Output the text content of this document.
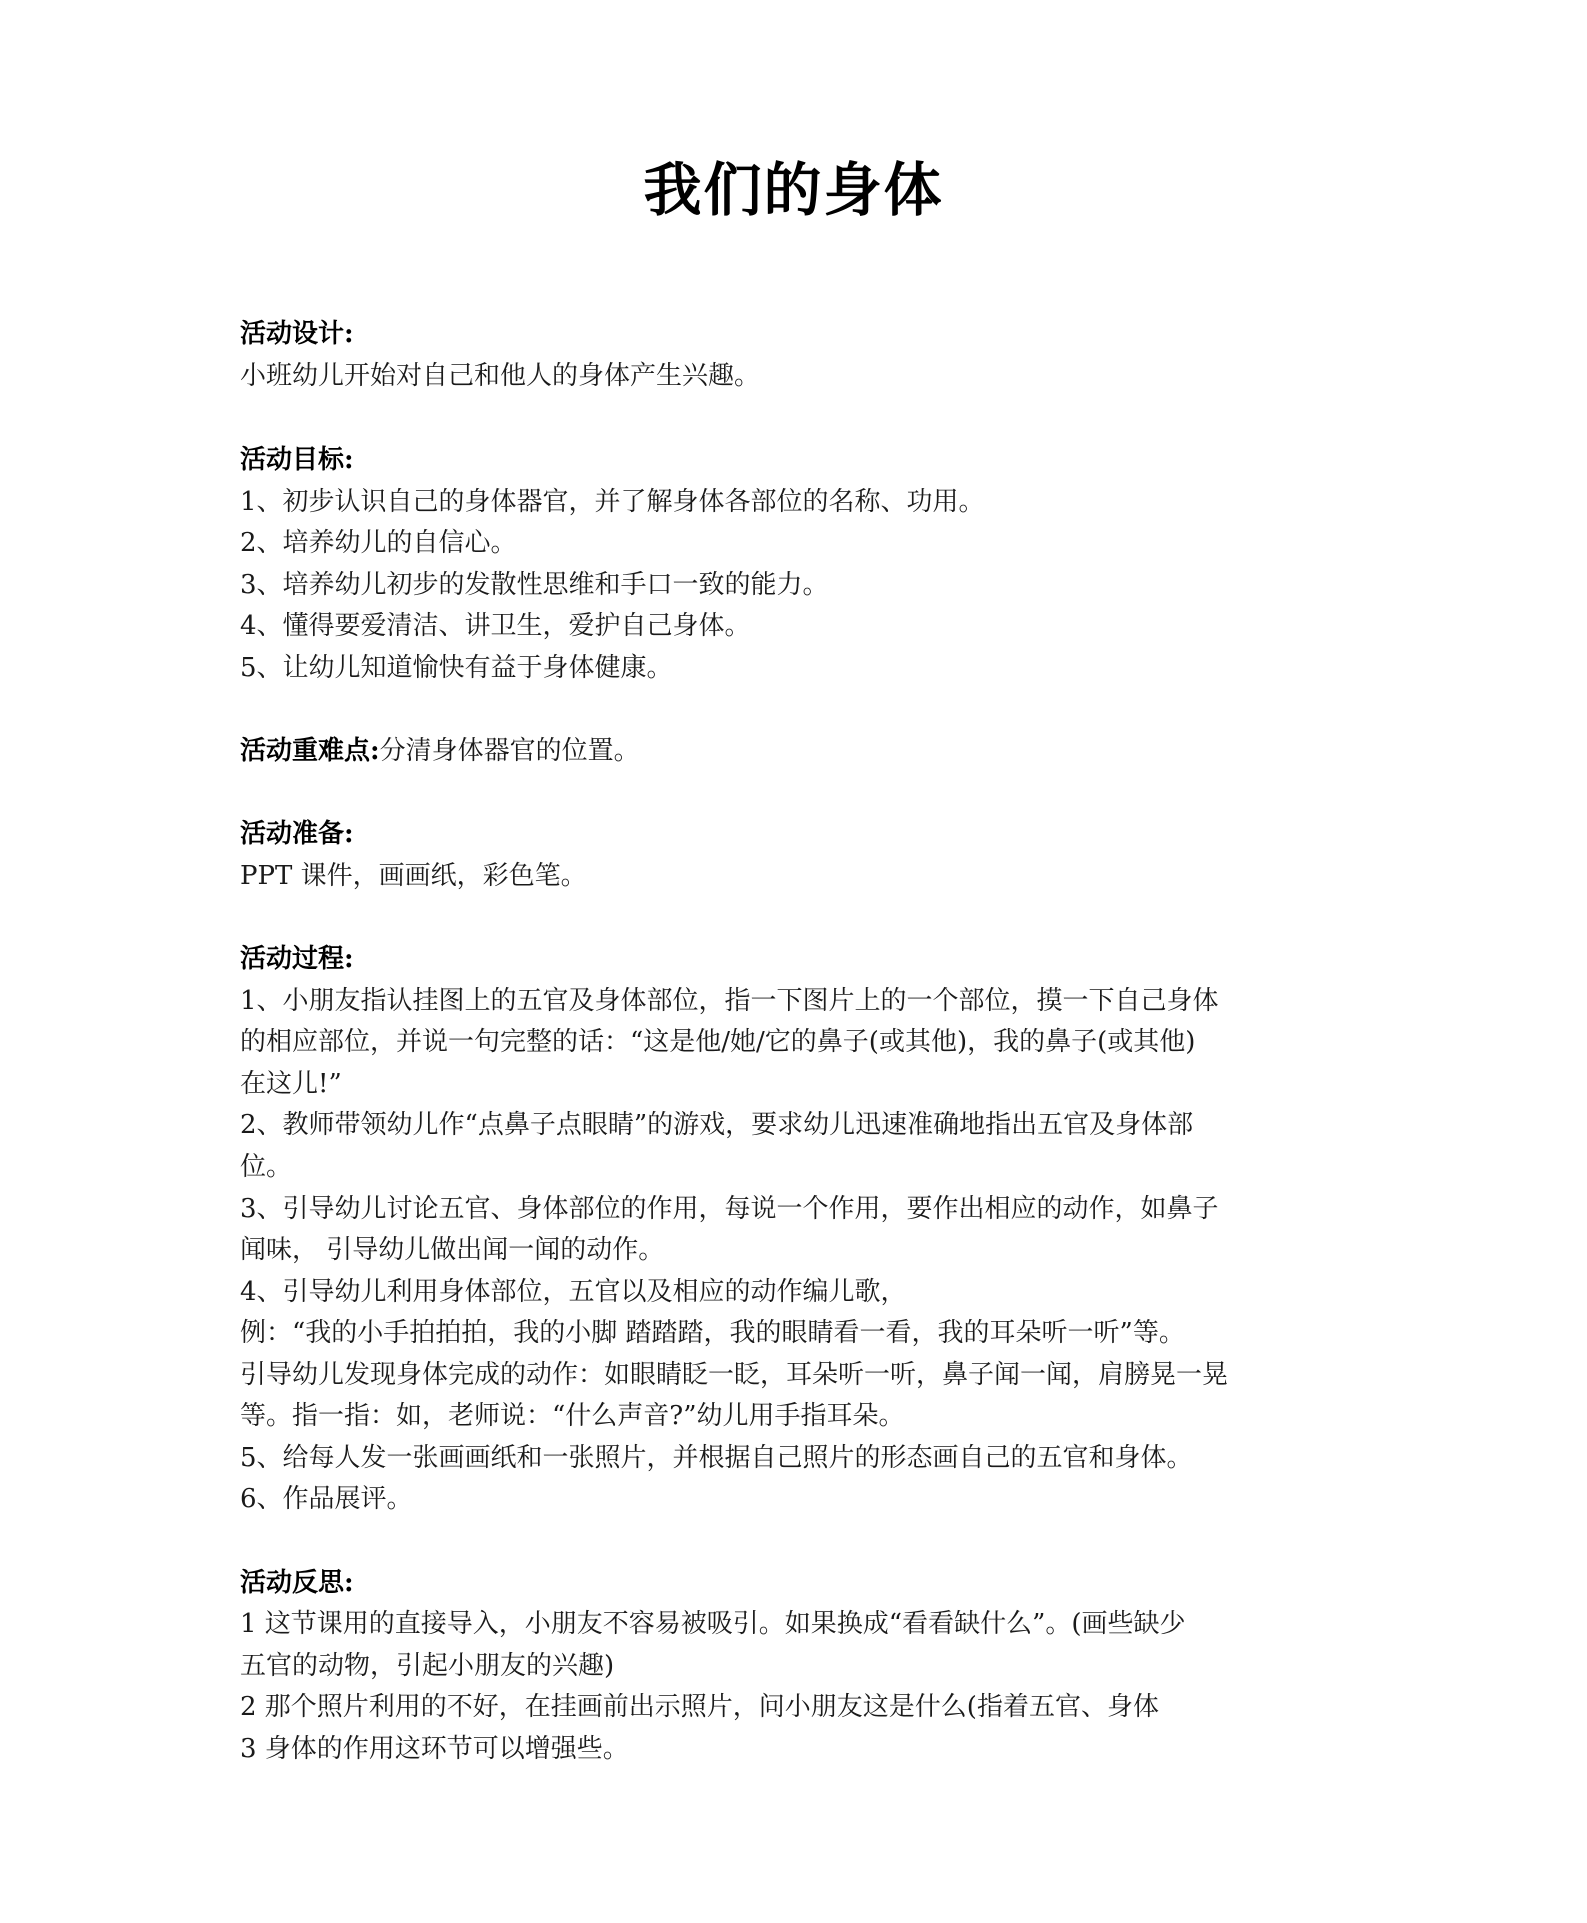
我们的身体
活动设计:
小班幼儿开始对自己和他人的身体产生兴趣。
活动目标:
1、初步认识自己的身体器官，并了解身体各部位的名称、功用。
2、培养幼儿的自信心。
3、培养幼儿初步的发散性思维和手口一致的能力。
4、懂得要爱清洁、讲卫生，爱护自己身体。
5、让幼儿知道愉快有益于身体健康。
活动重难点:分清身体器官的位置。
活动准备:
PPT 课件，画画纸，彩色笔。
活动过程:
1、小朋友指认挂图上的五官及身体部位，指一下图片上的一个部位，摸一下自己身体
的相应部位，并说一句完整的话：“这是他/她/它的鼻子(或其他)，我的鼻子(或其他)
在这儿!”
2、教师带领幼儿作“点鼻子点眼睛”的游戏，要求幼儿迅速准确地指出五官及身体部
位。
3、引导幼儿讨论五官、身体部位的作用，每说一个作用，要作出相应的动作，如鼻子
闻味， 引导幼儿做出闻一闻的动作。
4、引导幼儿利用身体部位，五官以及相应的动作编儿歌，
例：“我的小手拍拍拍，我的小脚 踏踏踏，我的眼睛看一看，我的耳朵听一听”等。
引导幼儿发现身体完成的动作：如眼睛眨一眨，耳朵听一听，鼻子闻一闻，肩膀晃一晃
等。指一指：如，老师说：“什么声音?”幼儿用手指耳朵。
5、给每人发一张画画纸和一张照片，并根据自己照片的形态画自己的五官和身体。
6、作品展评。
活动反思:
1 这节课用的直接导入，小朋友不容易被吸引。如果换成“看看缺什么”。(画些缺少
五官的动物，引起小朋友的兴趣)
2 那个照片利用的不好，在挂画前出示照片，问小朋友这是什么(指着五官、身体
3 身体的作用这环节可以增强些。
